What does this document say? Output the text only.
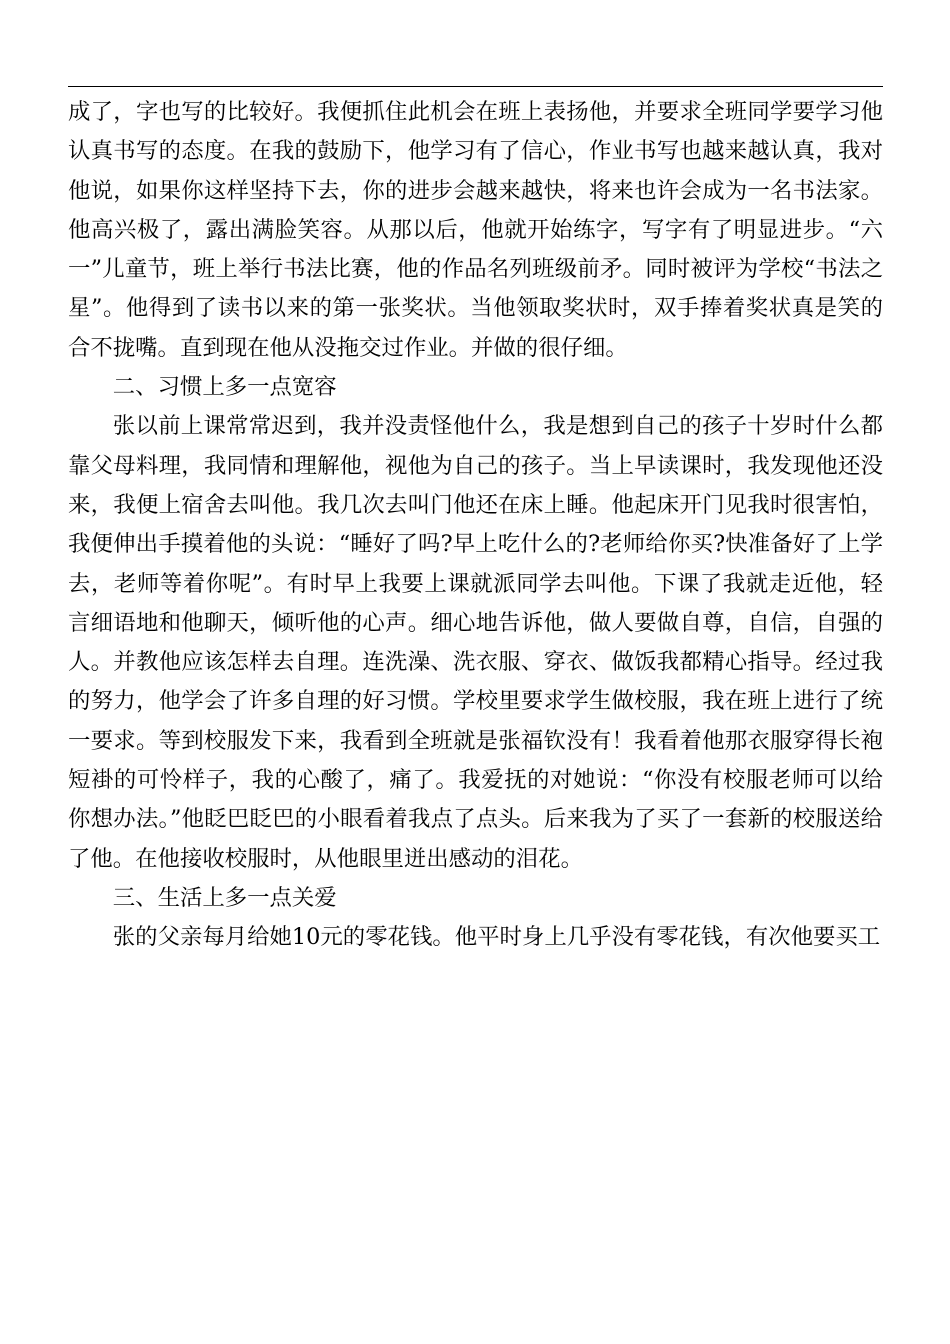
成了，字也写的比较好。我便抓住此机会在班上表扬他，并要求全班同学要学习他认真书写的态度。在我的鼓励下，他学习有了信心，作业书写也越来越认真，我对他说，如果你这样坚持下去，你的进步会越来越快，将来也许会成为一名书法家。他高兴极了，露出满脸笑容。从那以后，他就开始练字，写字有了明显进步。“六一”儿童节，班上举行书法比赛，他的作品名列班级前矛。同时被评为学校“书法之星”。他得到了读书以来的第一张奖状。当他领取奖状时，双手捧着奖状真是笑的合不拢嘴。直到现在他从没拖交过作业。并做的很仔细。

二、习惯上多一点宽容

张以前上课常常迟到，我并没责怪他什么，我是想到自己的孩子十岁时什么都靠父母料理，我同情和理解他，视他为自己的孩子。当上早读课时，我发现他还没来，我便上宿舍去叫他。我几次去叫门他还在床上睡。他起床开门见我时很害怕，我便伸出手摸着他的头说：“睡好了吗?早上吃什么的?老师给你买?快准备好了上学去，老师等着你呢”。有时早上我要上课就派同学去叫他。下课了我就走近他，轻言细语地和他聊天，倾听他的心声。细心地告诉他，做人要做自尊，自信，自强的人。并教他应该怎样去自理。连洗澡、洗衣服、穿衣、做饭我都精心指导。经过我的努力，他学会了许多自理的好习惯。学校里要求学生做校服，我在班上进行了统一要求。等到校服发下来，我看到全班就是张福钦没有！我看着他那衣服穿得长袍短褂的可怜样子，我的心酸了，痛了。我爱抚的对她说：“你没有校服老师可以给你想办法。”他眨巴眨巴的小眼看着我点了点头。后来我为了买了一套新的校服送给了他。在他接收校服时，从他眼里迸出感动的泪花。

三、生活上多一点关爱

张的父亲每月给她10元的零花钱。他平时身上几乎没有零花钱，有次他要买工
